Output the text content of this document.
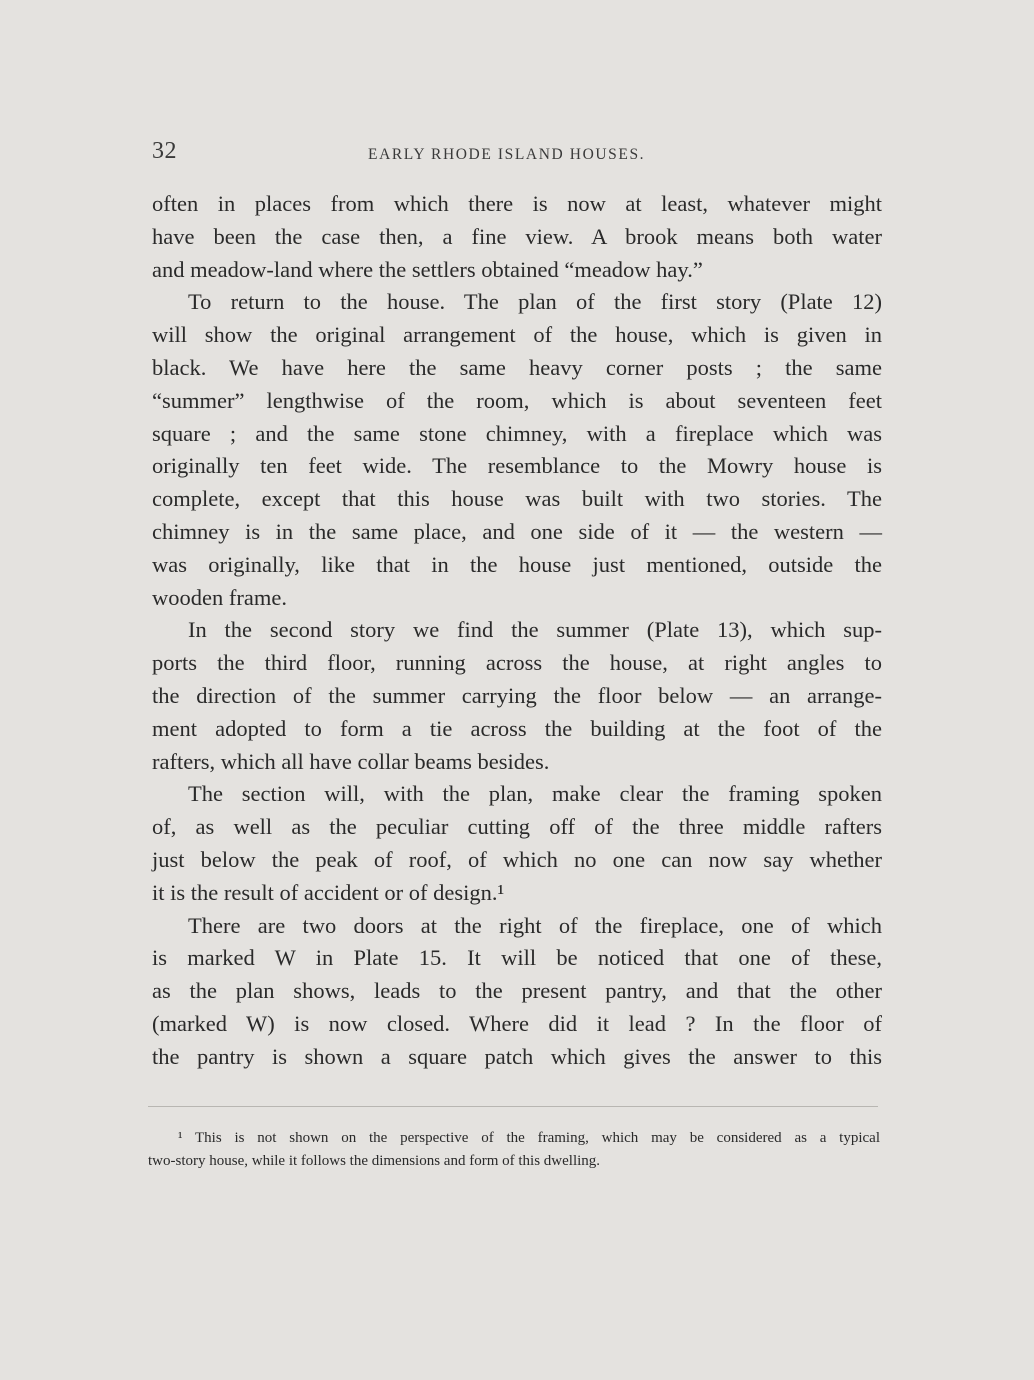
32	EARLY RHODE ISLAND HOUSES.
often in places from which there is now at least, whatever might
have been the case then, a fine view. A brook means both water
and meadow-land where the settlers obtained “meadow hay.”
To return to the house. The plan of the first story (Plate 12)
will show the original arrangement of the house, which is given in
black. We have here the same heavy corner posts ; the same
“summer” lengthwise of the room, which is about seventeen feet
square ; and the same stone chimney, with a fireplace which was
originally ten feet wide. The resemblance to the Mowry house is
complete, except that this house was built with two stories. The
chimney is in the same place, and one side of it — the western —
was originally, like that in the house just mentioned, outside the
wooden frame.
In the second story we find the summer (Plate 13), which sup-
ports the third floor, running across the house, at right angles to
the direction of the summer carrying the floor below — an arrange-
ment adopted to form a tie across the building at the foot of the
rafters, which all have collar beams besides.
The section will, with the plan, make clear the framing spoken
of, as well as the peculiar cutting off of the three middle rafters
just below the peak of roof, of which no one can now say whether
it is the result of accident or of design.¹
There are two doors at the right of the fireplace, one of which
is marked W in Plate 15. It will be noticed that one of these,
as the plan shows, leads to the present pantry, and that the other
(marked W) is now closed. Where did it lead ? In the floor of
the pantry is shown a square patch which gives the answer to this
¹ This is not shown on the perspective of the framing, which may be considered as a typical
two-story house, while it follows the dimensions and form of this dwelling.
